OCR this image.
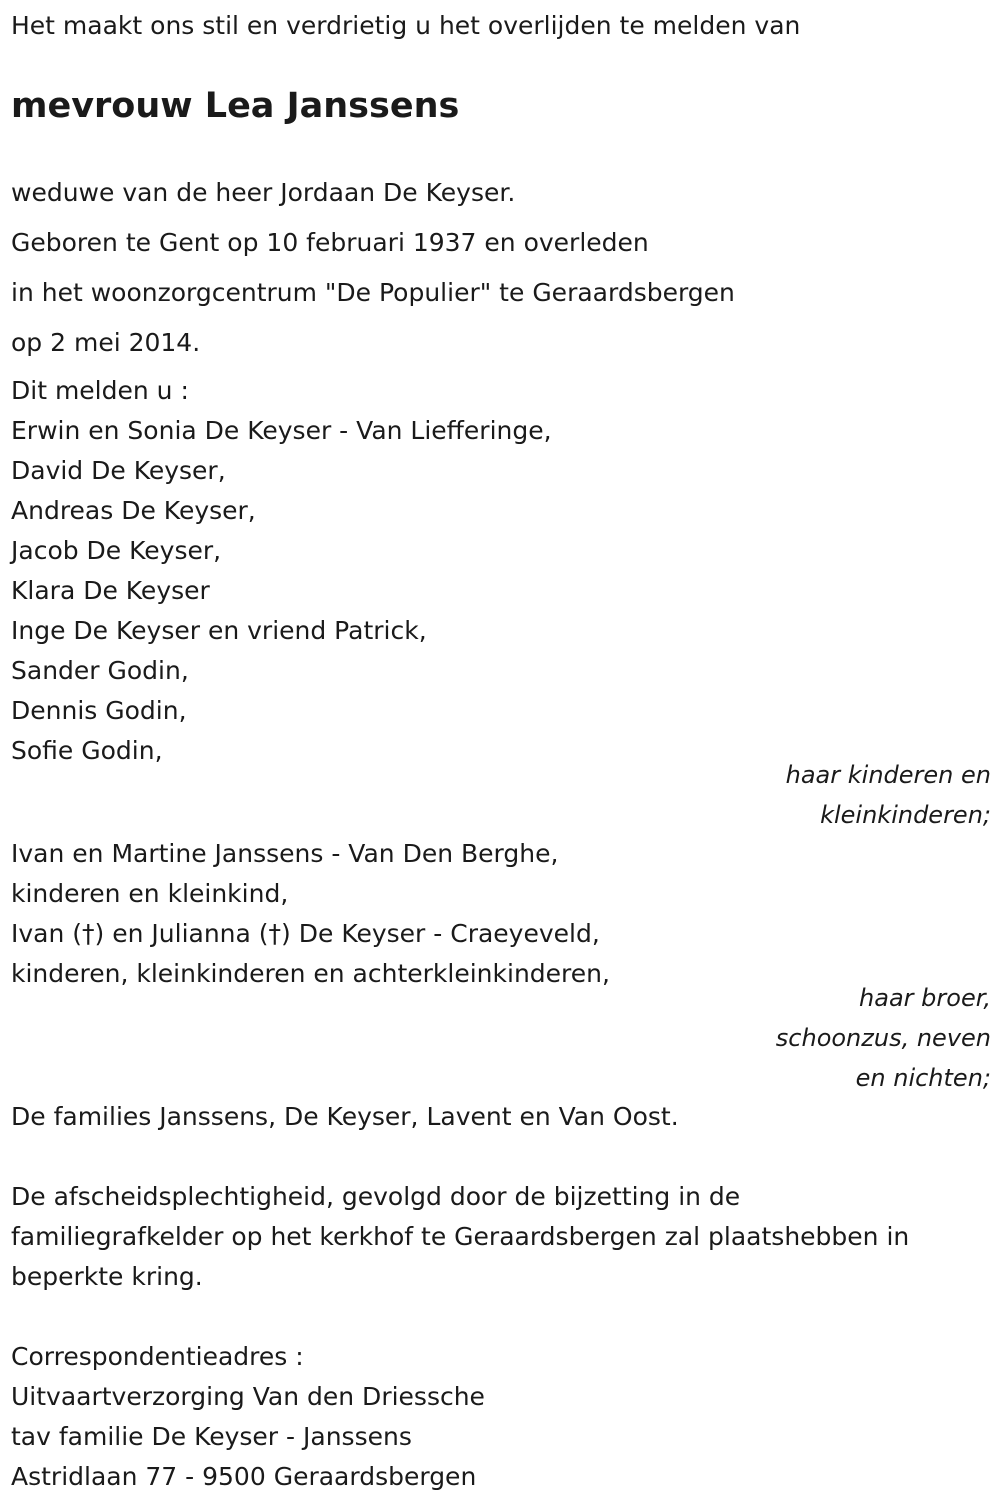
Het maakt ons stil en verdrietig u het overlijden te melden van

mevrouw Lea Janssens

weduwe van de heer Jordaan De Keyser.

Geboren te Gent op 10 februari 1937 en overleden

in het woonzorgcentrum "De Populier" te Geraardsbergen

op 2 mei 2014.

Dit melden u :

Erwin en Sonia De Keyser - Van Liefferinge,

David De Keyser,

Andreas De Keyser,

Jacob De Keyser,

Klara De Keyser

Inge De Keyser en vriend Patrick,

Sander Godin,

Dennis Godin,

Sofie Godin,

haar kinderen en

kleinkinderen;

Ivan en Martine Janssens - Van Den Berghe,

kinderen en kleinkind,

Ivan (†) en Julianna (†) De Keyser - Craeyeveld,

kinderen, kleinkinderen en achterkleinkinderen,

haar broer,

schoonzus, neven

en nichten;

De families Janssens, De Keyser, Lavent en Van Oost.

De afscheidsplechtigheid, gevolgd door de bijzetting in de

familiegrafkelder op het kerkhof te Geraardsbergen zal plaatshebben in

beperkte kring.

Correspondentieadres :

Uitvaartverzorging Van den Driessche

tav familie De Keyser - Janssens

Astridlaan 77 - 9500 Geraardsbergen
